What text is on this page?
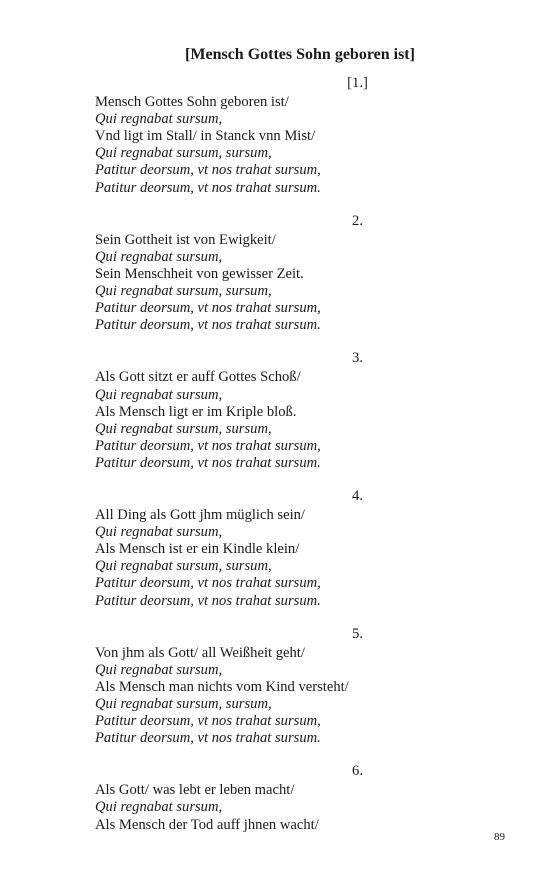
[Mensch Gottes Sohn geboren ist]
[1.]
Mensch Gottes Sohn geboren ist/
Qui regnabat sursum,
Vnd ligt im Stall/ in Stanck vnn Mist/
Qui regnabat sursum, sursum,
Patitur deorsum, vt nos trahat sursum,
Patitur deorsum, vt nos trahat sursum.
2.
Sein Gottheit ist von Ewigkeit/
Qui regnabat sursum,
Sein Menschheit von gewisser Zeit.
Qui regnabat sursum, sursum,
Patitur deorsum, vt nos trahat sursum,
Patitur deorsum, vt nos trahat sursum.
3.
Als Gott sitzt er auff Gottes Schoß/
Qui regnabat sursum,
Als Mensch ligt er im Kriple bloß.
Qui regnabat sursum, sursum,
Patitur deorsum, vt nos trahat sursum,
Patitur deorsum, vt nos trahat sursum.
4.
All Ding als Gott jhm müglich sein/
Qui regnabat sursum,
Als Mensch ist er ein Kindle klein/
Qui regnabat sursum, sursum,
Patitur deorsum, vt nos trahat sursum,
Patitur deorsum, vt nos trahat sursum.
5.
Von jhm als Gott/ all Weißheit geht/
Qui regnabat sursum,
Als Mensch man nichts vom Kind versteht/
Qui regnabat sursum, sursum,
Patitur deorsum, vt nos trahat sursum,
Patitur deorsum, vt nos trahat sursum.
6.
Als Gott/ was lebt er leben macht/
Qui regnabat sursum,
Als Mensch der Tod auff jhnen wacht/
89
